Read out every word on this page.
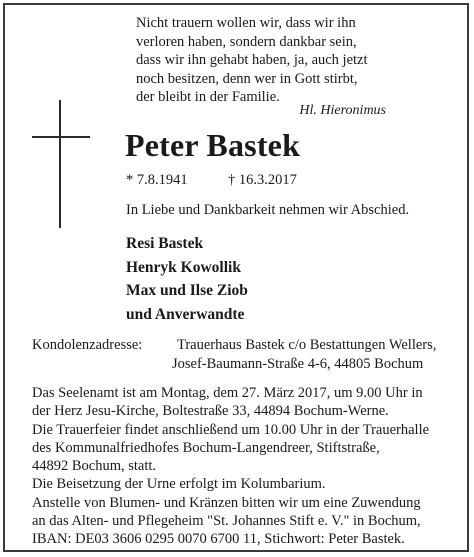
Nicht trauern wollen wir, dass wir ihn
verloren haben, sondern dankbar sein,
dass wir ihn gehabt haben, ja, auch jetzt
noch besitzen, denn wer in Gott stirbt,
der bleibt in der Familie.
Hl. Hieronimus
Peter Bastek
* 7.8.1941	† 16.3.2017
In Liebe und Dankbarkeit nehmen wir Abschied.
Resi Bastek
Henryk Kowollik
Max und Ilse Ziob
und Anverwandte
Kondolenzadresse: Trauerhaus Bastek c/o Bestattungen Wellers,
Josef-Baumann-Straße 4-6, 44805 Bochum
Das Seelenamt ist am Montag, dem 27. März 2017, um 9.00 Uhr in
der Herz Jesu-Kirche, Boltestraße 33, 44894 Bochum-Werne.
Die Trauerfeier findet anschließend um 10.00 Uhr in der Trauerhalle
des Kommunalfriedhofes Bochum-Langendreer, Stiftstraße,
44892 Bochum, statt.
Die Beisetzung der Urne erfolgt im Kolumbarium.
Anstelle von Blumen- und Kränzen bitten wir um eine Zuwendung
an das Alten- und Pflegeheim "St. Johannes Stift e. V." in Bochum,
IBAN: DE03 3606 0295 0070 6700 11, Stichwort: Peter Bastek.
